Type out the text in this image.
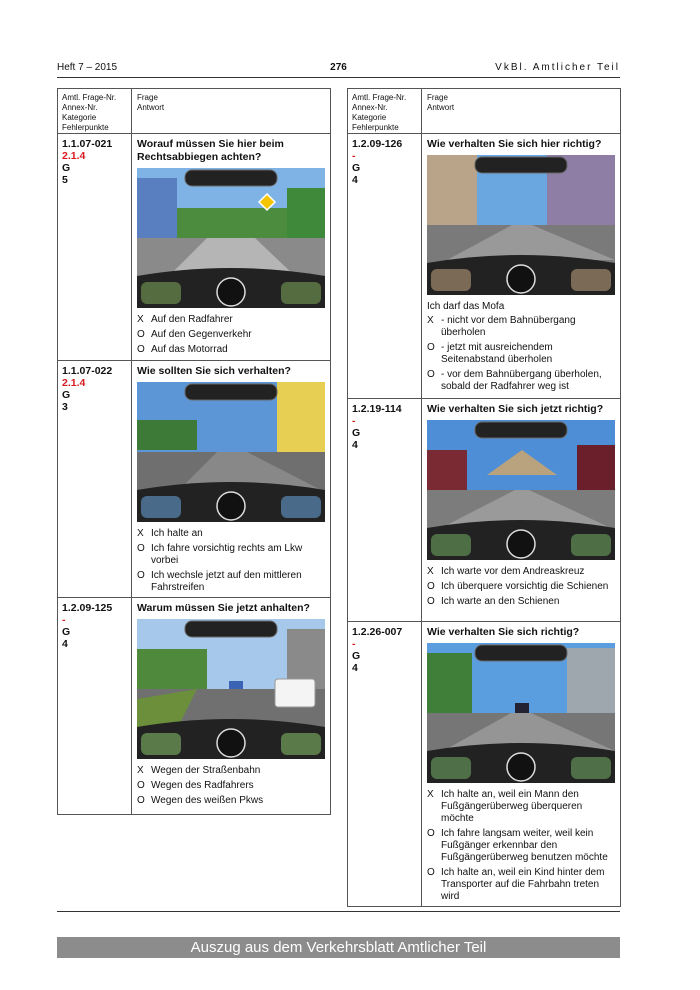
Heft 7 – 2015	276	VkBl. Amtlicher Teil
Amtl. Frage-Nr.
Annex-Nr.
Kategorie
Fehlerpunkte
Frage
Antwort
1.1.07-021
2.1.4
G
5
Worauf müssen Sie hier beim Rechtsabbiegen achten?
X Auf den Radfahrer
O Auf den Gegenverkehr
O Auf das Motorrad
1.1.07-022
2.1.4
G
3
Wie sollten Sie sich verhalten?
X Ich halte an
O Ich fahre vorsichtig rechts am Lkw vorbei
O Ich wechsle jetzt auf den mittleren Fahrstreifen
1.2.09-125
-
G
4
Warum müssen Sie jetzt anhalten?
X Wegen der Straßenbahn
O Wegen des Radfahrers
O Wegen des weißen Pkws
Amtl. Frage-Nr.
Annex-Nr.
Kategorie
Fehlerpunkte
Frage
Antwort
1.2.09-126
-
G
4
Wie verhalten Sie sich hier richtig?
Ich darf das Mofa
X - nicht vor dem Bahnübergang überholen
O - jetzt mit ausreichendem Seitenabstand überholen
O - vor dem Bahnübergang überholen, sobald der Radfahrer weg ist
1.2.19-114
-
G
4
Wie verhalten Sie sich jetzt richtig?
X Ich warte vor dem Andreaskreuz
O Ich überquere vorsichtig die Schienen
O Ich warte an den Schienen
1.2.26-007
-
G
4
Wie verhalten Sie sich richtig?
X Ich halte an, weil ein Mann den Fußgängerüberweg überqueren möchte
O Ich fahre langsam weiter, weil kein Fußgänger erkennbar den Fußgängerüberweg benutzen möchte
O Ich halte an, weil ein Kind hinter dem Transporter auf die Fahrbahn treten wird
Auszug aus dem Verkehrsblatt Amtlicher Teil
